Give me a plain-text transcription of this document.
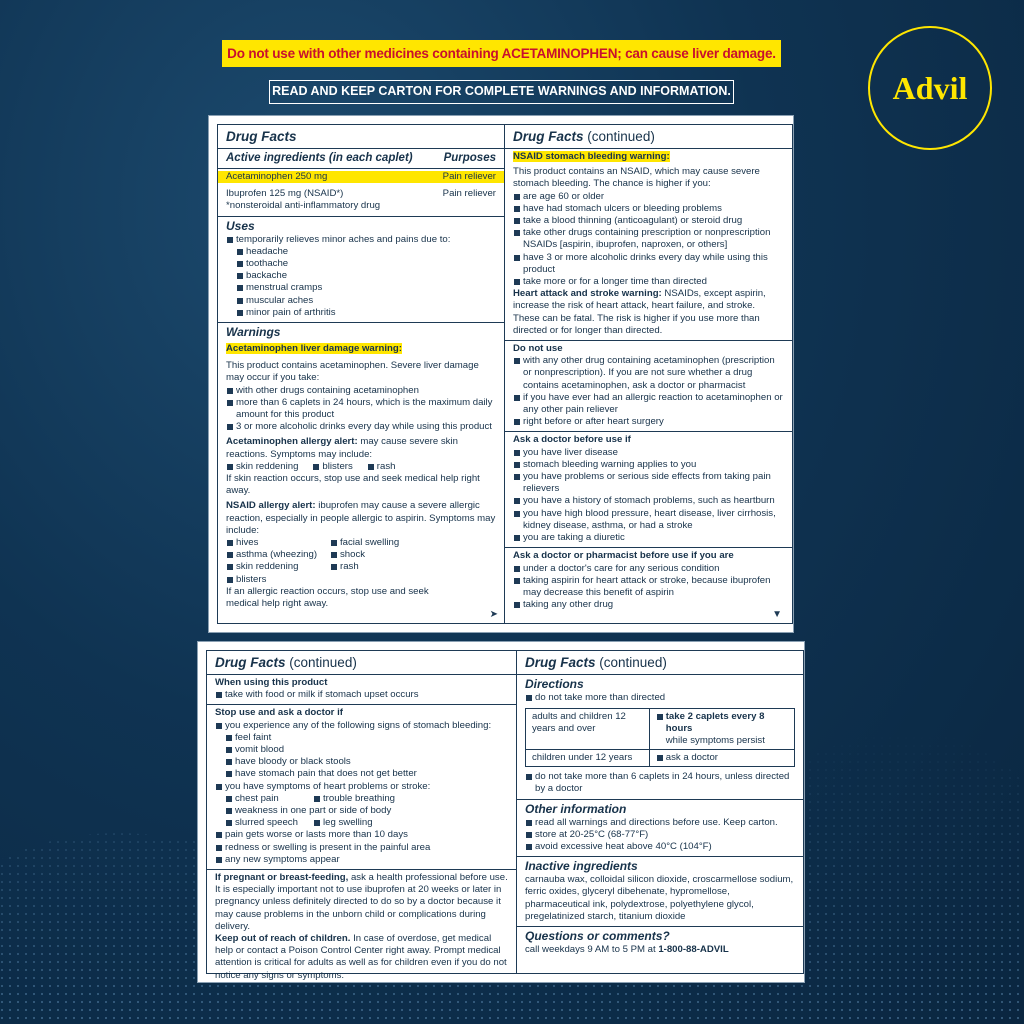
Do not use with other medicines containing ACETAMINOPHEN; can cause liver damage.
READ AND KEEP CARTON FOR COMPLETE WARNINGS AND INFORMATION.	Advil
Drug Facts
Active ingredients (in each caplet)	Purposes
Acetaminophen 250 mg	Pain reliever
Ibuprofen 125 mg (NSAID*)	Pain reliever
*nonsteroidal anti-inflammatory drug
Uses
temporarily relieves minor aches and pains due to:
headache
toothache
backache
menstrual cramps
muscular aches
minor pain of arthritis
Warnings
Acetaminophen liver damage warning:
This product contains acetaminophen. Severe liver damage may occur if you take:
with other drugs containing acetaminophen
more than 6 caplets in 24 hours, which is the maximum daily amount for this product
3 or more alcoholic drinks every day while using this product
Acetaminophen allergy alert: may cause severe skin reactions. Symptoms may include:
skin reddening	blisters	rash
If skin reaction occurs, stop use and seek medical help right away.
NSAID allergy alert: ibuprofen may cause a severe allergic reaction, especially in people allergic to aspirin. Symptoms may include:
hives
asthma (wheezing)
skin reddening
blisters
facial swelling
shock
rash
If an allergic reaction occurs, stop use and seek medical help right away.
➤
Drug Facts (continued)
NSAID stomach bleeding warning:
This product contains an NSAID, which may cause severe stomach bleeding. The chance is higher if you:
are age 60 or older
have had stomach ulcers or bleeding problems
take a blood thinning (anticoagulant) or steroid drug
take other drugs containing prescription or nonprescription NSAIDs [aspirin, ibuprofen, naproxen, or others]
have 3 or more alcoholic drinks every day while using this product
take more or for a longer time than directed
Heart attack and stroke warning: NSAIDs, except aspirin, increase the risk of heart attack, heart failure, and stroke. These can be fatal. The risk is higher if you use more than directed or for longer than directed.
Do not use
with any other drug containing acetaminophen (prescription or nonprescription). If you are not sure whether a drug contains acetaminophen, ask a doctor or pharmacist
if you have ever had an allergic reaction to acetaminophen or any other pain reliever
right before or after heart surgery
Ask a doctor before use if
you have liver disease
stomach bleeding warning applies to you
you have problems or serious side effects from taking pain relievers
you have a history of stomach problems, such as heartburn
you have high blood pressure, heart disease, liver cirrhosis, kidney disease, asthma, or had a stroke
you are taking a diuretic
Ask a doctor or pharmacist before use if you are
under a doctor's care for any serious condition
taking aspirin for heart attack or stroke, because ibuprofen may decrease this benefit of aspirin
taking any other drug
▼
Drug Facts (continued)
When using this product
take with food or milk if stomach upset occurs
Stop use and ask a doctor if
you experience any of the following signs of stomach bleeding:
feel faint
vomit blood
have bloody or black stools
have stomach pain that does not get better
you have symptoms of heart problems or stroke:
chest pain	trouble breathing
weakness in one part or side of body
slurred speech	leg swelling
pain gets worse or lasts more than 10 days
redness or swelling is present in the painful area
any new symptoms appear
If pregnant or breast-feeding, ask a health professional before use. It is especially important not to use ibuprofen at 20 weeks or later in pregnancy unless definitely directed to do so by a doctor because it may cause problems in the unborn child or complications during delivery.
Keep out of reach of children. In case of overdose, get medical help or contact a Poison Control Center right away. Prompt medical attention is critical for adults as well as for children even if you do not notice any signs or symptoms.
Drug Facts (continued)
Directions
do not take more than directed
adults and children 12 years and over	take 2 caplets every 8 hours
while symptoms persist

children under 12 years	ask a doctor
do not take more than 6 caplets in 24 hours, unless directed by a doctor
Other information
read all warnings and directions before use. Keep carton.
store at 20-25°C (68-77°F)
avoid excessive heat above 40°C (104°F)
Inactive ingredients
carnauba wax, colloidal silicon dioxide, croscarmellose sodium, ferric oxides, glyceryl dibehenate, hypromellose, pharmaceutical ink, polydextrose, polyethylene glycol, pregelatinized starch, titanium dioxide
Questions or comments?
call weekdays 9 AM to 5 PM at 1-800-88-ADVIL
